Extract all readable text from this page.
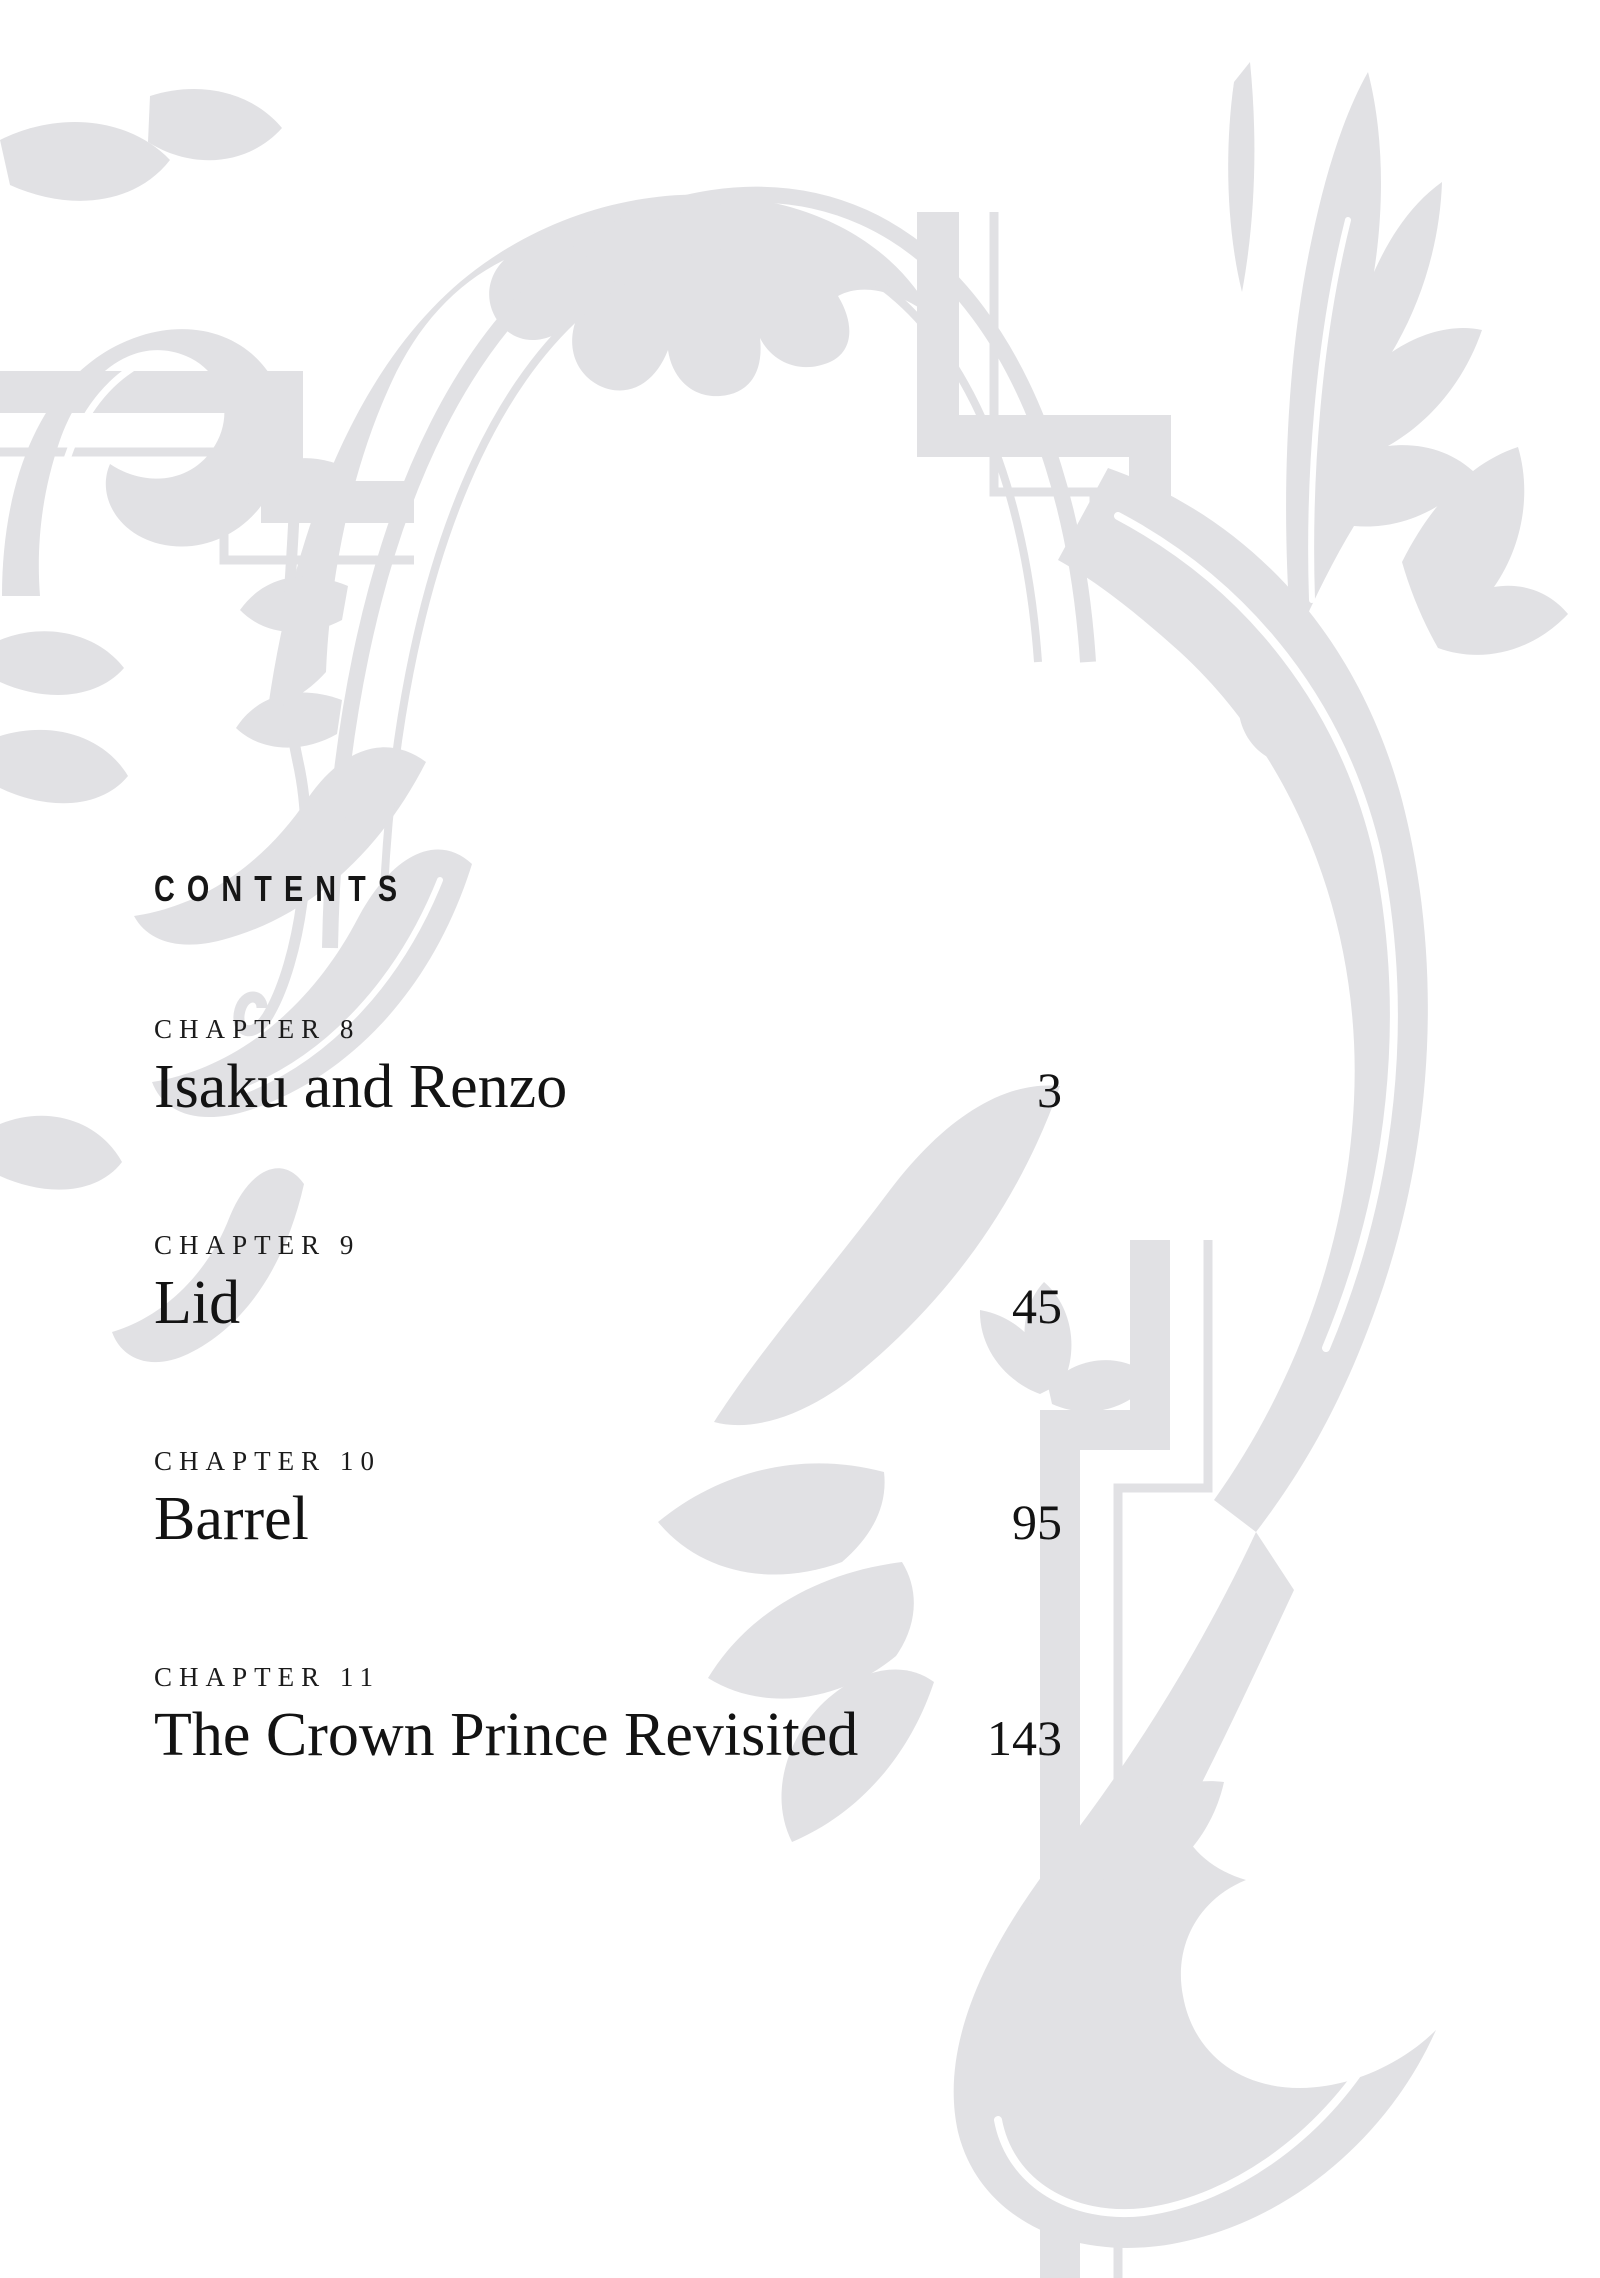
CONTENTS
CHAPTER 8
Isaku and Renzo	3
CHAPTER 9
Lid	45
CHAPTER 10
Barrel	95
CHAPTER 11
The Crown Prince Revisited	143
